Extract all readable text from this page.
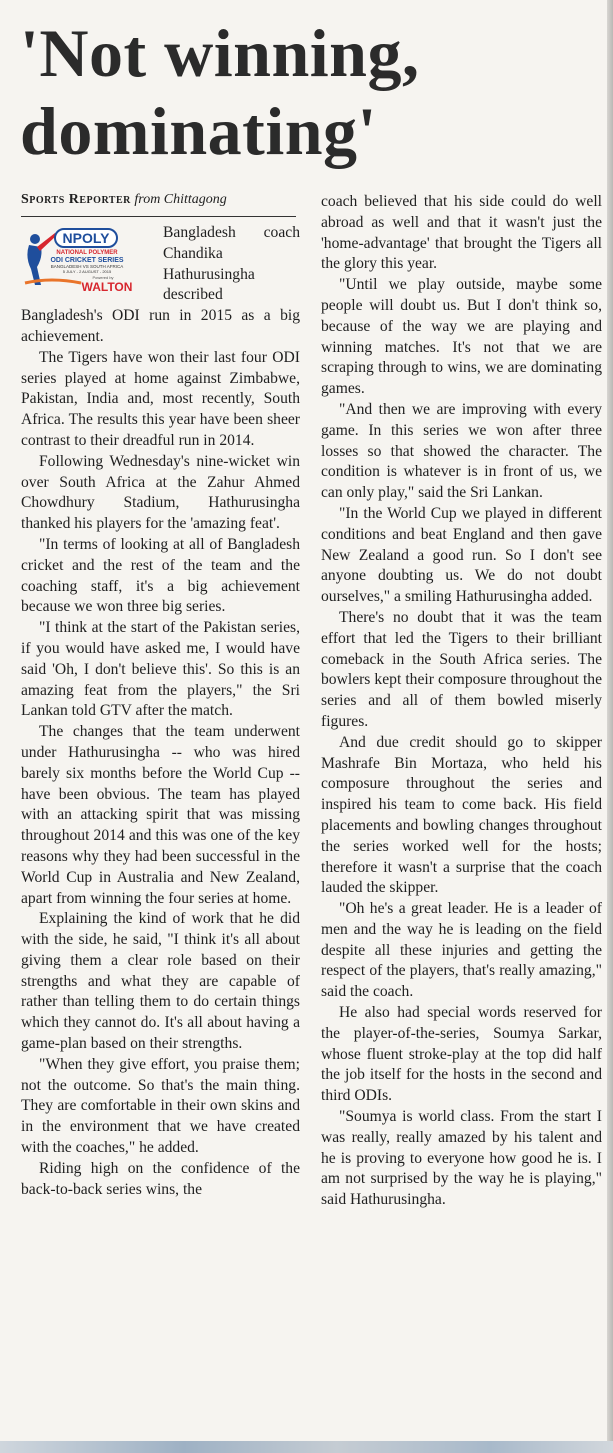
'Not winning, dominating'
Sports Reporter from Chittagong
NPOLY
NATIONAL POLYMER
ODI CRICKET SERIES
BANGLADESH VS SOUTH AFRICA
5 JULY - 2 AUGUST - 2015
Powered by
WALTON

Bangladesh coach Chandika Hathurusingha described Bangladesh's ODI run in 2015 as a big achievement.

The Tigers have won their last four ODI series played at home against Zimbabwe, Pakistan, India and, most recently, South Africa. The results this year have been sheer contrast to their dreadful run in 2014.

Following Wednesday's nine-wicket win over South Africa at the Zahur Ahmed Chowdhury Stadium, Hathurusingha thanked his players for the 'amazing feat'.

"In terms of looking at all of Bangladesh cricket and the rest of the team and the coaching staff, it's a big achievement because we won three big series.

"I think at the start of the Pakistan series, if you would have asked me, I would have said 'Oh, I don't believe this'. So this is an amazing feat from the players," the Sri Lankan told GTV after the match.

The changes that the team underwent under Hathurusingha -- who was hired barely six months before the World Cup -- have been obvious. The team has played with an attacking spirit that was missing throughout 2014 and this was one of the key reasons why they had been successful in the World Cup in Australia and New Zealand, apart from winning the four series at home.

Explaining the kind of work that he did with the side, he said, "I think it's all about giving them a clear role based on their strengths and what they are capable of rather than telling them to do certain things which they cannot do. It's all about having a game-plan based on their strengths.

"When they give effort, you praise them; not the outcome. So that's the main thing. They are comfortable in their own skins and in the environment that we have created with the coaches," he added.

Riding high on the confidence of the back-to-back series wins, the

coach believed that his side could do well abroad as well and that it wasn't just the 'home-advantage' that brought the Tigers all the glory this year.

"Until we play outside, maybe some people will doubt us. But I don't think so, because of the way we are playing and winning matches. It's not that we are scraping through to wins, we are dominating games.

"And then we are improving with every game. In this series we won after three losses so that showed the character. The condition is whatever is in front of us, we can only play," said the Sri Lankan.

"In the World Cup we played in different conditions and beat England and then gave New Zealand a good run. So I don't see anyone doubting us. We do not doubt ourselves," a smiling Hathurusingha added.

There's no doubt that it was the team effort that led the Tigers to their brilliant comeback in the South Africa series. The bowlers kept their composure throughout the series and all of them bowled miserly figures.

And due credit should go to skipper Mashrafe Bin Mortaza, who held his composure throughout the series and inspired his team to come back. His field placements and bowling changes throughout the series worked well for the hosts; therefore it wasn't a surprise that the coach lauded the skipper.

"Oh he's a great leader. He is a leader of men and the way he is leading on the field despite all these injuries and getting the respect of the players, that's really amazing," said the coach.

He also had special words reserved for the player-of-the-series, Soumya Sarkar, whose fluent stroke-play at the top did half the job itself for the hosts in the second and third ODIs.

"Soumya is world class. From the start I was really, really amazed by his talent and he is proving to everyone how good he is. I am not surprised by the way he is playing," said Hathurusingha.
